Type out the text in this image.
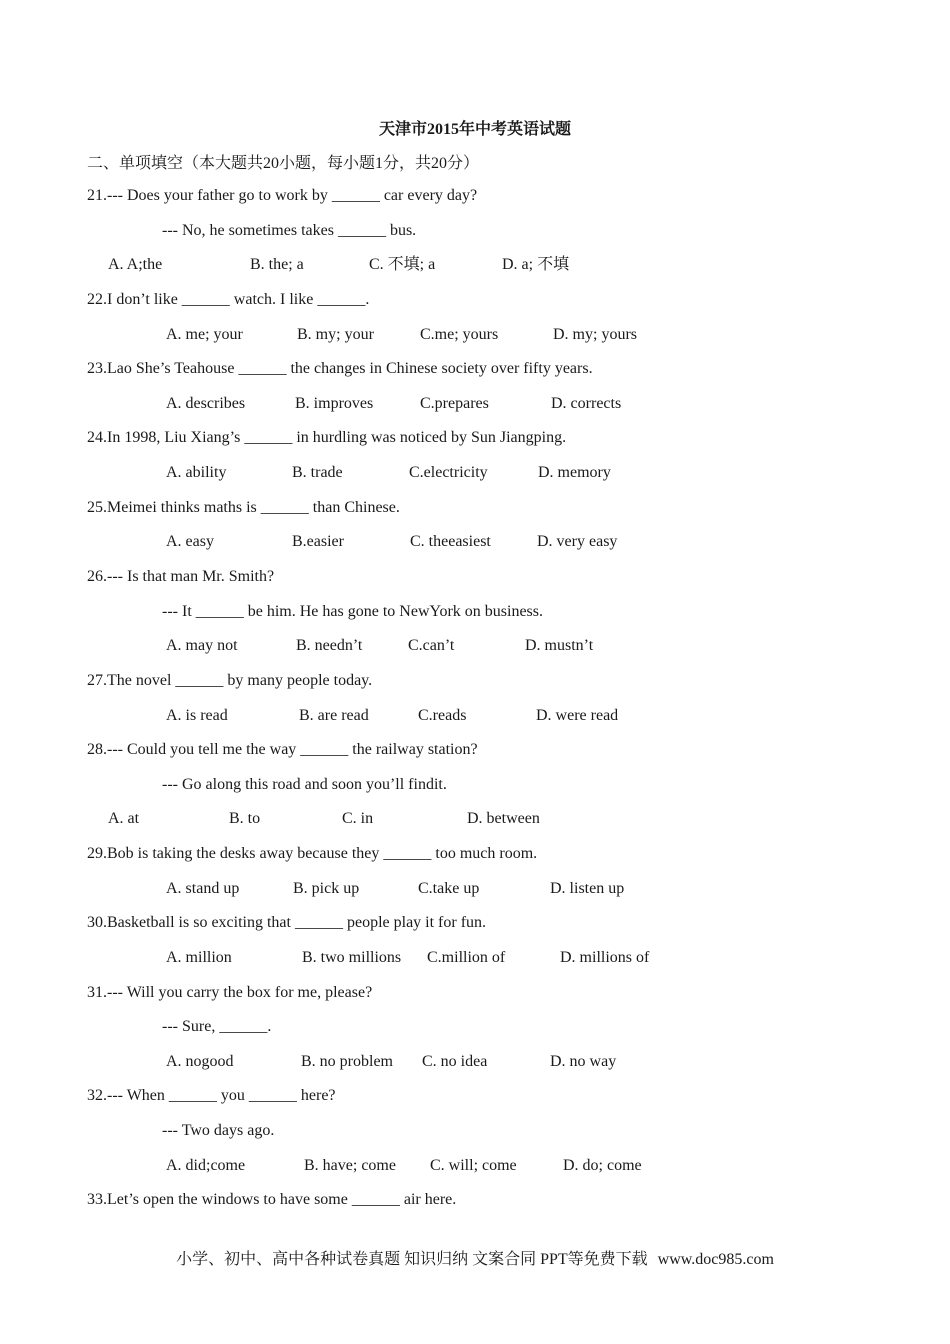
天津市2015年中考英语试题
二、单项填空（本大题共20小题，每小题1分，共20分）
21.--- Does your father go to work by ______ car every day?
--- No, he sometimes takes ______ bus.
A. A;the	B. the; a	C. 不填; a	D. a; 不填
22.I don’t like ______ watch. I like ______.
A. me; your	B. my; your	C.me; yours	D. my; yours
23.Lao She’s Teahouse ______ the changes in Chinese society over fifty years.
A. describes	B. improves	C.prepares	D. corrects
24.In 1998, Liu Xiang’s ______ in hurdling was noticed by Sun Jiangping.
A. ability	B. trade	C.electricity	D. memory
25.Meimei thinks maths is ______ than Chinese.
A. easy	B.easier	C. theeasiest	D. very easy
26.--- Is that man Mr. Smith?
--- It ______ be him. He has gone to NewYork on business.
A. may not	B. needn’t	C.can’t	D. mustn’t
27.The novel ______ by many people today.
A. is read	B. are read	C.reads	D. were read
28.--- Could you tell me the way ______ the railway station?
--- Go along this road and soon you’ll findit.
A. at	B. to	C. in	D. between
29.Bob is taking the desks away because they ______ too much room.
A. stand up	B. pick up	C.take up	D. listen up
30.Basketball is so exciting that ______ people play it for fun.
A. million	B. two millions C.million of	D. millions of
31.--- Will you carry the box for me, please?
--- Sure, ______.
A. nogood	B. no problem C. no idea	D. no way
32.--- When ______ you ______ here?
--- Two days ago.
A. did;come	B. have; come C. will; come	D. do; come
33.Let’s open the windows to have some ______ air here.
小学、初中、高中各种试卷真题 知识归纳 文案合同 PPT等免费下载 www.doc985.com
